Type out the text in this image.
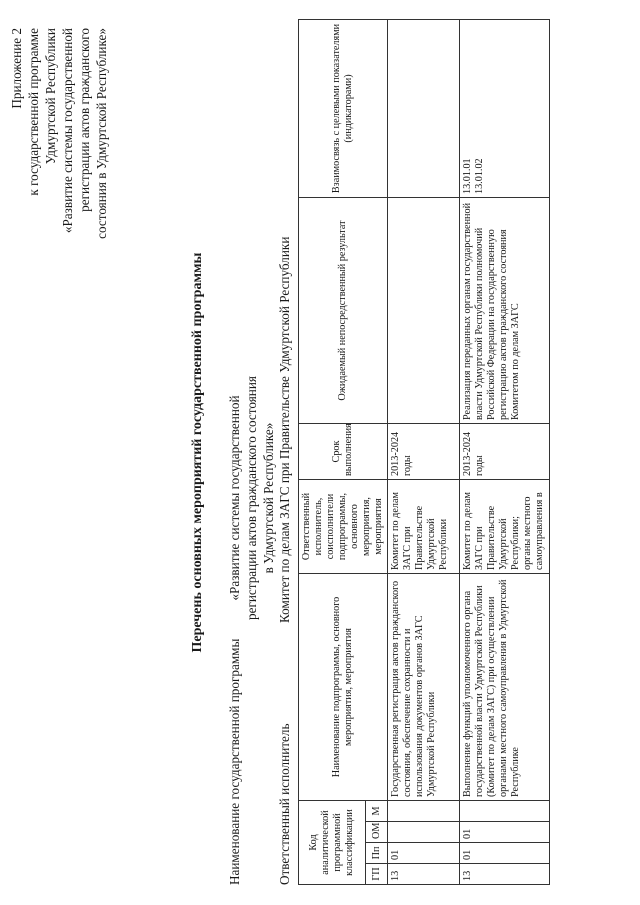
Приложение 2 к государственной программе Удмуртской Республики «Развитие системы государственной регистрации актов гражданского состояния в Удмуртской Республике»
Перечень основных мероприятий государственной программы
Наименование государственной программы«Развитие системы государственной регистрации актов гражданского состояния в Удмуртской Республике»
Ответственный исполнительКомитет по делам ЗАГС при Правительстве Удмуртской Республики
Код аналитической программной классификации				Наименование подпрограммы, основного мероприятия, мероприятия	Ответственный исполнитель, соисполнители подпрограммы, основного мероприятия, мероприятия	Срок выполнения	Ожидаемый непосредственный результат	Взаимосвязь с целевыми показателями (индикаторами)
ГП	Пп	ОМ	М					
13	01			Государственная регистрация актов гражданского состояния, обеспечение сохранности и использования документов органов ЗАГС Удмуртской Республики	Комитет по делам ЗАГС при Правительстве Удмуртской Республики	2013-2024 годы		
13	01	01		Выполнение функций уполномоченного органа государственной власти Удмуртской Республики (Комитет по делам ЗАГС) при осуществлении органами местного самоуправления в Удмуртской Республике	Комитет по делам ЗАГС при Правительстве Удмуртской Республики; органы местного самоуправления в	2013-2024 годы	Реализация переданных органам государственной власти Удмуртской Республики полномочий Российской Федерации на государственную регистрацию актов гражданского состояния Комитетом по делам ЗАГС	13.01.01
13.01.02
